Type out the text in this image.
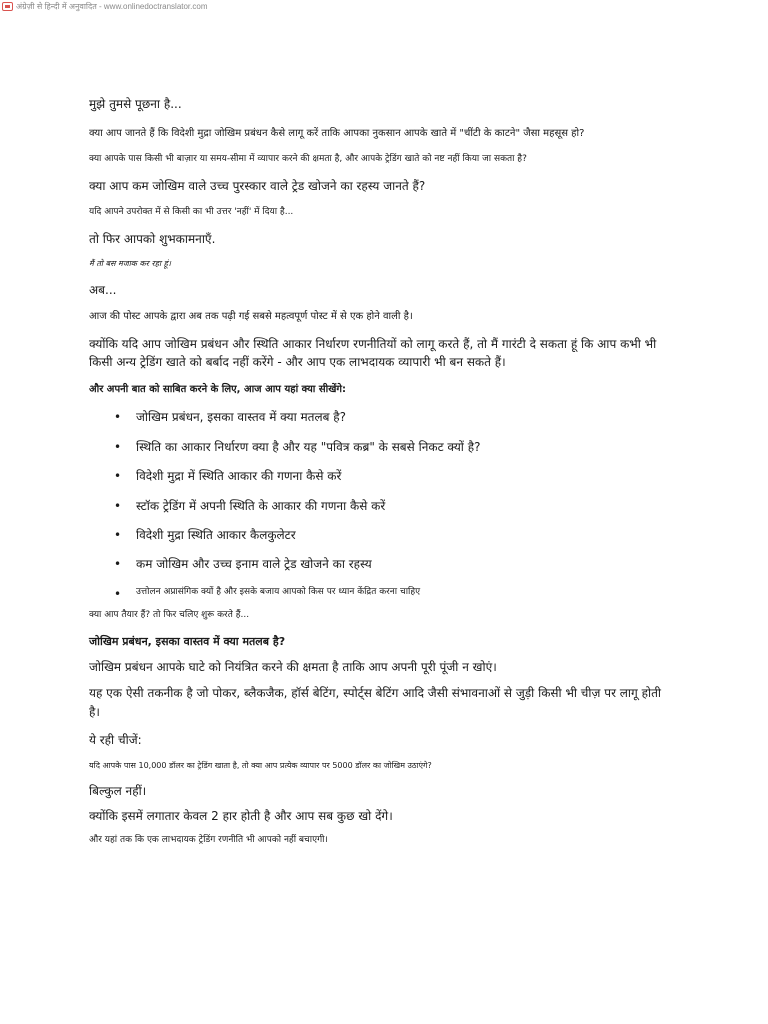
अंग्रेज़ी से हिन्दी में अनुवादित - www.onlinedoctranslator.com

मुझे तुमसे पूछना है...

क्या आप जानते हैं कि विदेशी मुद्रा जोखिम प्रबंधन कैसे लागू करें ताकि आपका नुकसान आपके खाते में "चींटी के काटने" जैसा महसूस हो?

क्या आपके पास किसी भी बाज़ार या समय-सीमा में व्यापार करने की क्षमता है, और आपके ट्रेडिंग खाते को नष्ट नहीं किया जा सकता है?

क्या आप कम जोखिम वाले उच्च पुरस्कार वाले ट्रेड खोजने का रहस्य जानते हैं?

यदि आपने उपरोक्त में से किसी का भी उत्तर 'नहीं' में दिया है...

तो फिर आपको शुभकामनाएँ.

मैं तो बस मजाक कर रहा हूं।

अब...

आज की पोस्ट आपके द्वारा अब तक पढ़ी गई सबसे महत्वपूर्ण पोस्ट में से एक होने वाली है।

क्योंकि यदि आप जोखिम प्रबंधन और स्थिति आकार निर्धारण रणनीतियों को लागू करते हैं, तो मैं गारंटी दे सकता हूं कि आप कभी भी किसी अन्य ट्रेडिंग खाते को बर्बाद नहीं करेंगे - और आप एक लाभदायक व्यापारी भी बन सकते हैं।

और अपनी बात को साबित करने के लिए, आज आप यहां क्या सीखेंगे:

• जोखिम प्रबंधन, इसका वास्तव में क्या मतलब है?
• स्थिति का आकार निर्धारण क्या है और यह "पवित्र कब्र" के सबसे निकट क्यों है?
• विदेशी मुद्रा में स्थिति आकार की गणना कैसे करें
• स्टॉक ट्रेडिंग में अपनी स्थिति के आकार की गणना कैसे करें
• विदेशी मुद्रा स्थिति आकार कैलकुलेटर
• कम जोखिम और उच्च इनाम वाले ट्रेड खोजने का रहस्य
• उत्तोलन अप्रासंगिक क्यों है और इसके बजाय आपको किस पर ध्यान केंद्रित करना चाहिए

क्या आप तैयार हैं? तो फिर चलिए शुरू करते हैं...

जोखिम प्रबंधन, इसका वास्तव में क्या मतलब है?

जोखिम प्रबंधन आपके घाटे को नियंत्रित करने की क्षमता है ताकि आप अपनी पूरी पूंजी न खोएं।

यह एक ऐसी तकनीक है जो पोकर, ब्लैकजैक, हॉर्स बेटिंग, स्पोर्ट्स बेटिंग आदि जैसी संभावनाओं से जुड़ी किसी भी चीज़ पर लागू होती है।

ये रही चीजें:

यदि आपके पास 10,000 डॉलर का ट्रेडिंग खाता है, तो क्या आप प्रत्येक व्यापार पर 5000 डॉलर का जोखिम उठाएंगे?

बिल्कुल नहीं।

क्योंकि इसमें लगातार केवल 2 हार होती है और आप सब कुछ खो देंगे।

और यहां तक कि एक लाभदायक ट्रेडिंग रणनीति भी आपको नहीं बचाएगी।
